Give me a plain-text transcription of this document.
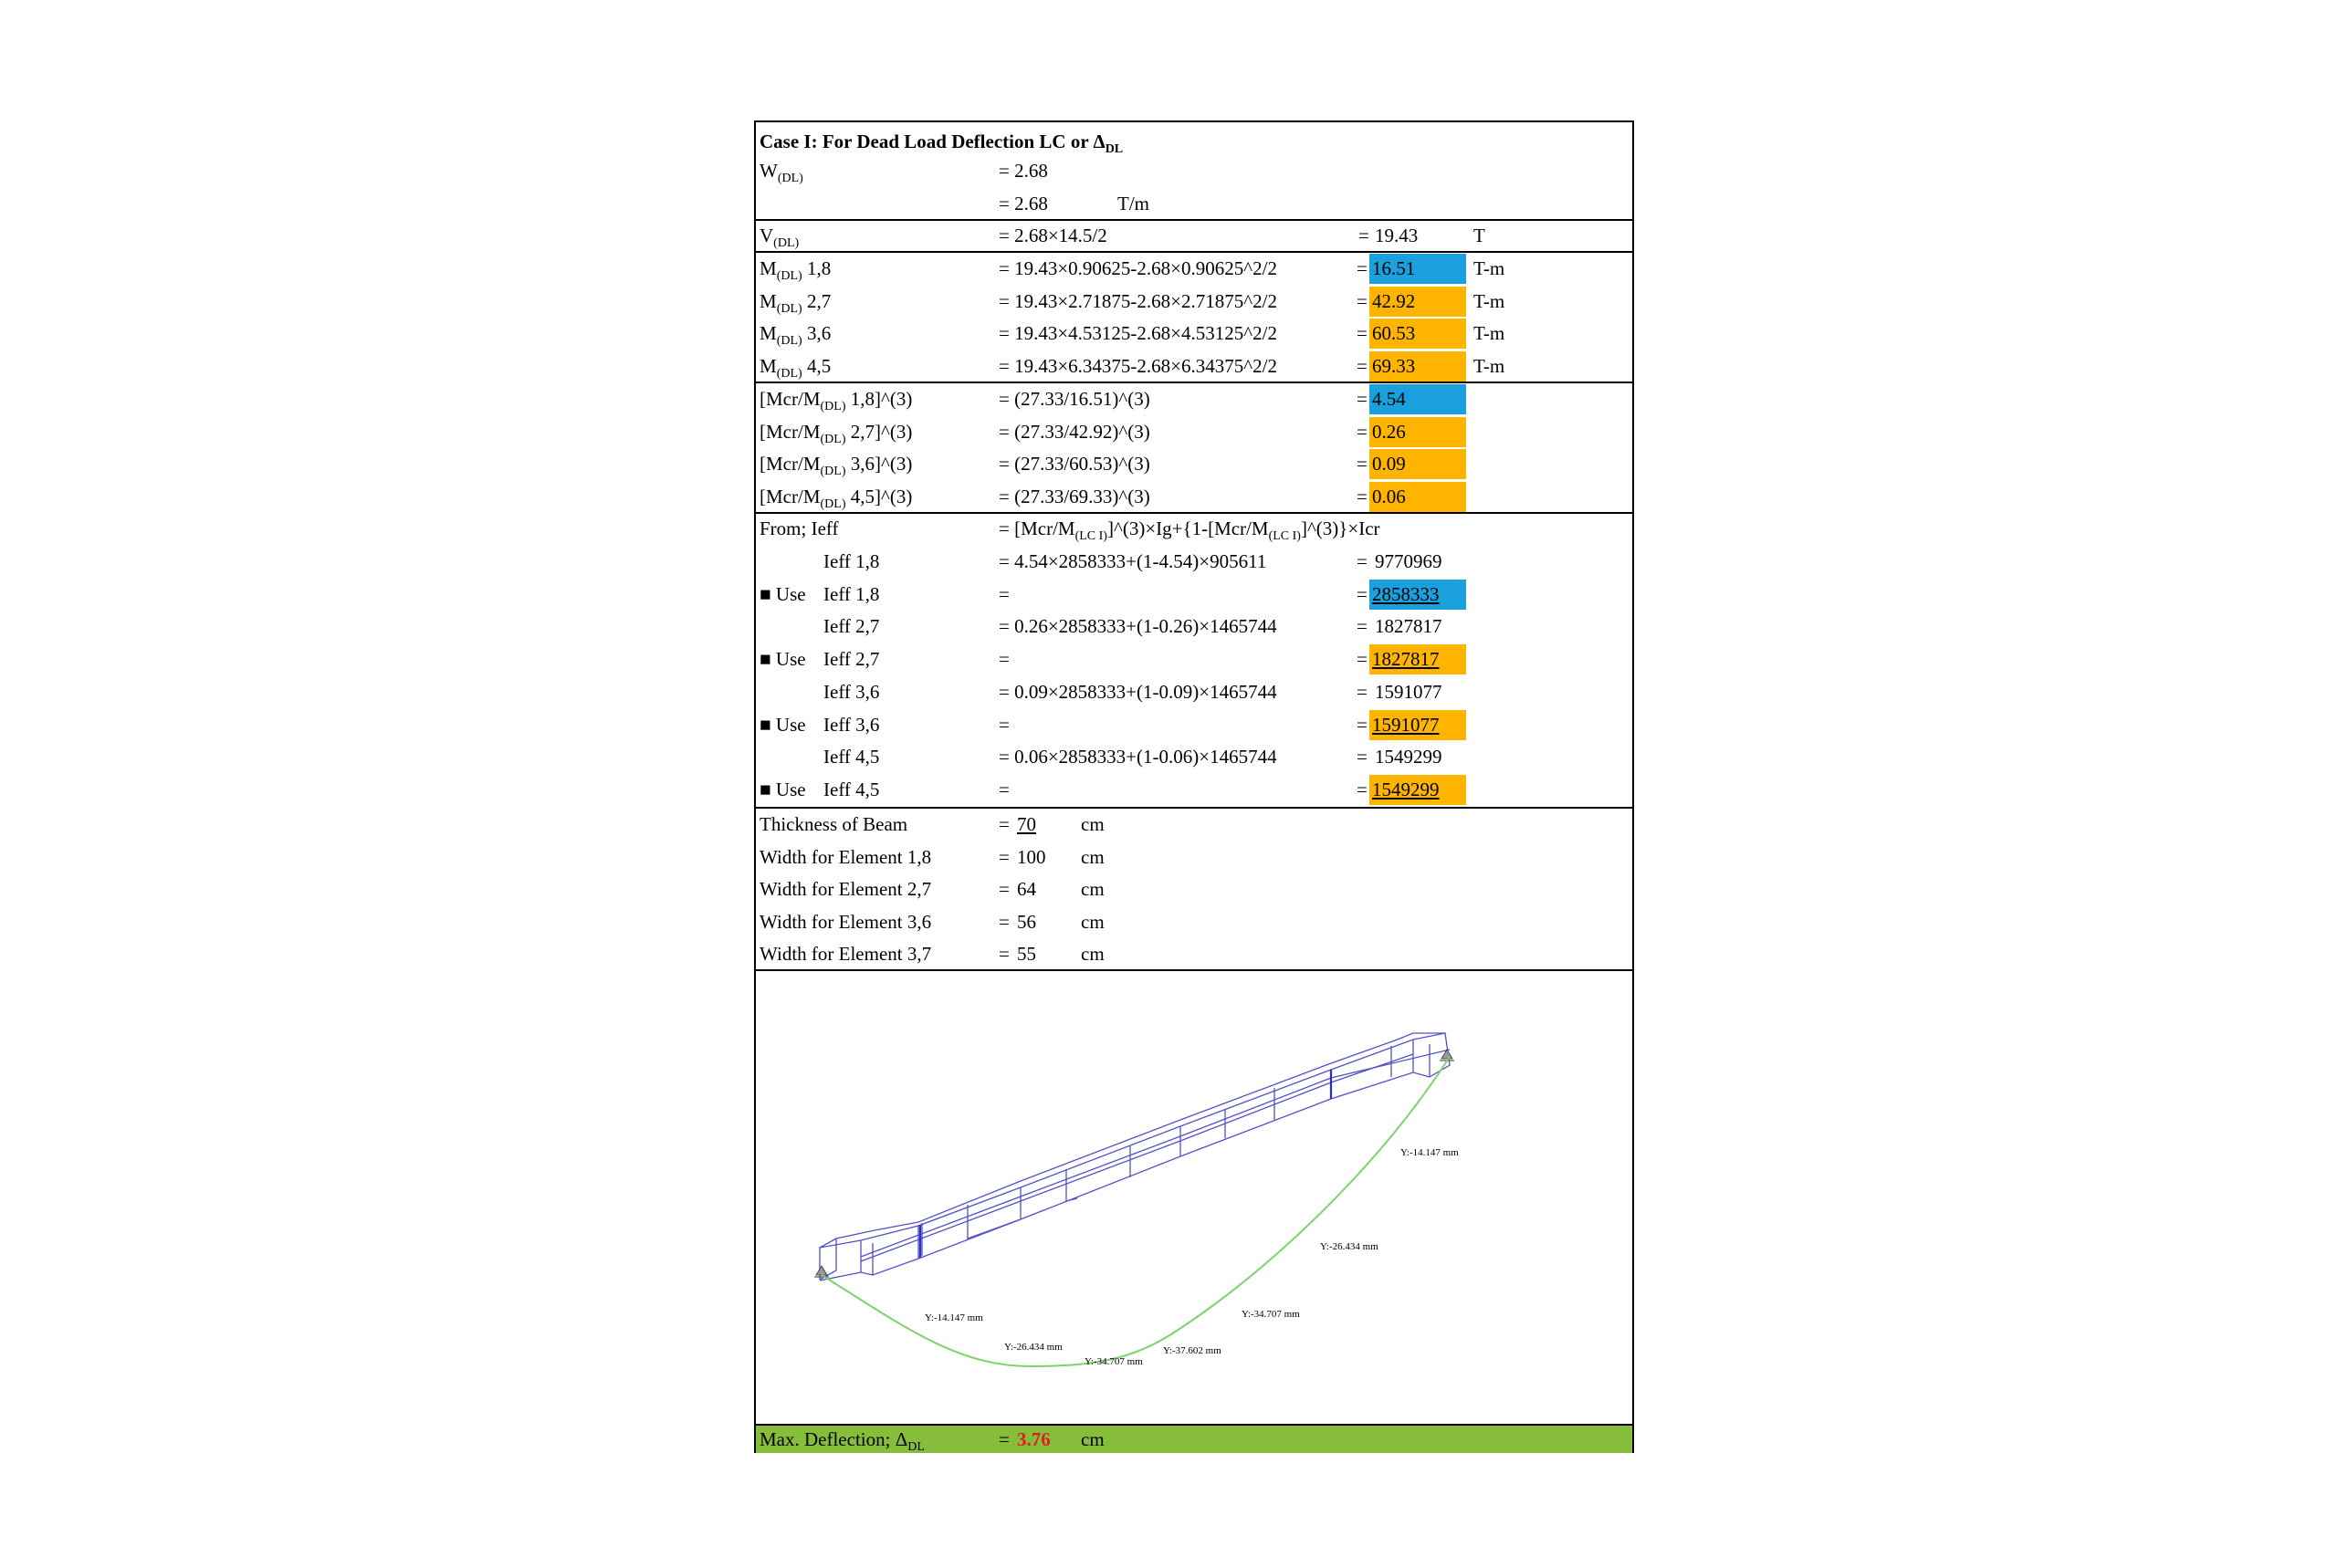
Case I: For Dead Load Deflection LC or $\Delta_{DL}$
$W_{(DL)}$	= 2.68
= 2.68	T/m
$V_{(DL)}$	= 2.68×14.5/2	= 19.43	T
From; Ieff	= $[Mcr/M_{(LC I)}]\^{}(3)\times Ig+\{1-[Mcr/M_{(LC I)}]\^{}(3)\}\times Icr$
Y:-14.147 mm
Y:-26.434 mm
Y:-34.707 mm
Y:-37.602 mm
Y:-34.707 mm
Y:-26.434 mm
Y:-14.147 mm
Max. Deflection; $\Delta_{DL}$	= 3.76 cm
$M_{(DL)}$ 1,8	= 19.43×0.90625-2.68×0.90625^2/2	= 16.51	T-m
$M_{(DL)}$ 2,7	= 19.43×2.71875-2.68×2.71875^2/2	= 42.92	T-m
$M_{(DL)}$ 3,6	= 19.43×4.53125-2.68×4.53125^2/2	= 60.53	T-m
$M_{(DL)}$ 4,5	= 19.43×6.34375-2.68×6.34375^2/2	= 69.33	T-m
[$Mcr/M_{(DL)}$ 1,8]^(3)	= (27.33/16.51)^(3)	= 4.54
[$Mcr/M_{(DL)}$ 2,7]^(3)	= (27.33/42.92)^(3)	= 0.26
[$Mcr/M_{(DL)}$ 3,6]^(3)	= (27.33/60.53)^(3)	= 0.09
[$Mcr/M_{(DL)}$ 4,5]^(3)	= (27.33/69.33)^(3)	= 0.06
Ieff 1,8	= 4.54×2858333+(1-4.54)×905611	= 9770969
■ Use Ieff 1,8	=	= 2858333
Ieff 2,7	= 0.26×2858333+(1-0.26)×1465744	= 1827817
■ Use Ieff 2,7	=	= 1827817
Ieff 3,6	= 0.09×2858333+(1-0.09)×1465744	= 1591077
■ Use Ieff 3,6	=	= 1591077
Ieff 4,5	= 0.06×2858333+(1-0.06)×1465744	= 1549299
■ Use Ieff 4,5	=	= 1549299
Thickness of Beam	= 70 cm
Width for Element 1,8	= 100 cm
Width for Element 2,7	= 64 cm
Width for Element 3,6	= 56 cm
Width for Element 3,7	= 55 cm
